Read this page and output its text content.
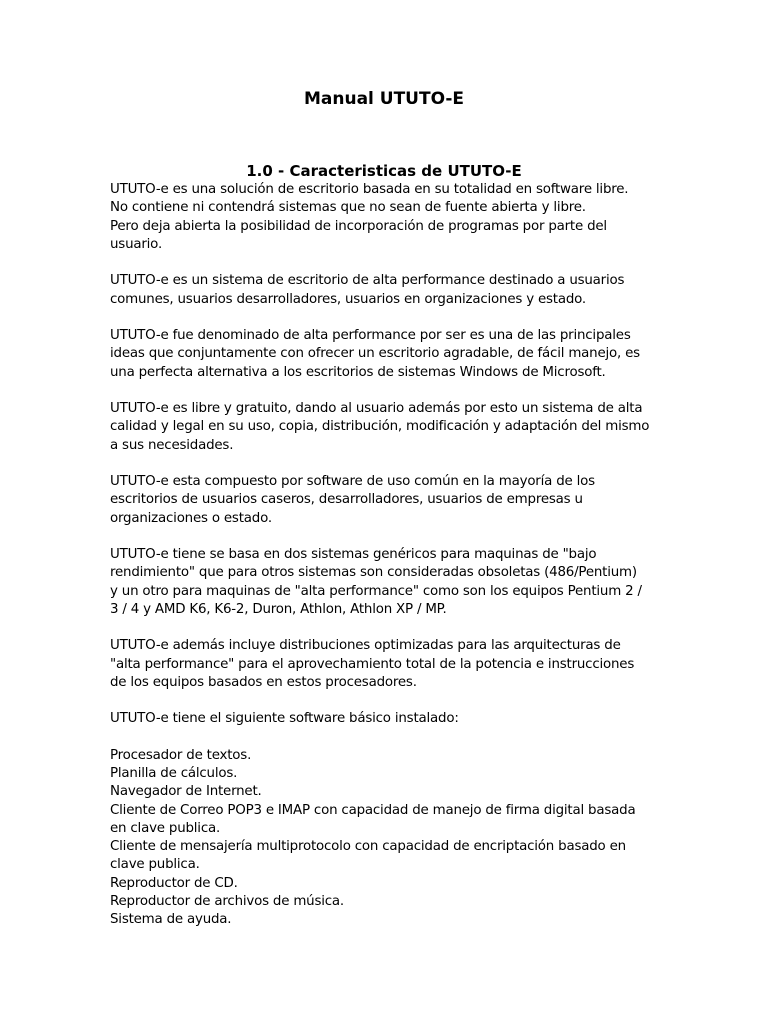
Manual UTUTO-E
1.0 - Caracteristicas de UTUTO-E
UTUTO-e es una solución de escritorio basada en su totalidad en software libre.
No contiene ni contendrá sistemas que no sean de fuente abierta y libre.
Pero deja abierta la posibilidad de incorporación de programas por parte del
usuario.
UTUTO-e es un sistema de escritorio de alta performance destinado a usuarios
comunes, usuarios desarrolladores, usuarios en organizaciones y estado.
UTUTO-e fue denominado de alta performance por ser es una de las principales
ideas que conjuntamente con ofrecer un escritorio agradable, de fácil manejo, es
una perfecta alternativa a los escritorios de sistemas Windows de Microsoft.
UTUTO-e es libre y gratuito, dando al usuario además por esto un sistema de alta
calidad y legal en su uso, copia, distribución, modificación y adaptación del mismo
a sus necesidades.
UTUTO-e esta compuesto por software de uso común en la mayoría de los
escritorios de usuarios caseros, desarrolladores, usuarios de empresas u
organizaciones o estado.
UTUTO-e tiene se basa en dos sistemas genéricos para maquinas de "bajo
rendimiento" que para otros sistemas son consideradas obsoletas (486/Pentium)
y un otro para maquinas de "alta performance" como son los equipos Pentium 2 /
3 / 4 y AMD K6, K6-2, Duron, Athlon, Athlon XP / MP.
UTUTO-e además incluye distribuciones optimizadas para las arquitecturas de
"alta performance" para el aprovechamiento total de la potencia e instrucciones
de los equipos basados en estos procesadores.
UTUTO-e tiene el siguiente software básico instalado:
Procesador de textos.
Planilla de cálculos.
Navegador de Internet.
Cliente de Correo POP3 e IMAP con capacidad de manejo de firma digital basada
en clave publica.
Cliente de mensajería multiprotocolo con capacidad de encriptación basado en
clave publica.
Reproductor de CD.
Reproductor de archivos de música.
Sistema de ayuda.
